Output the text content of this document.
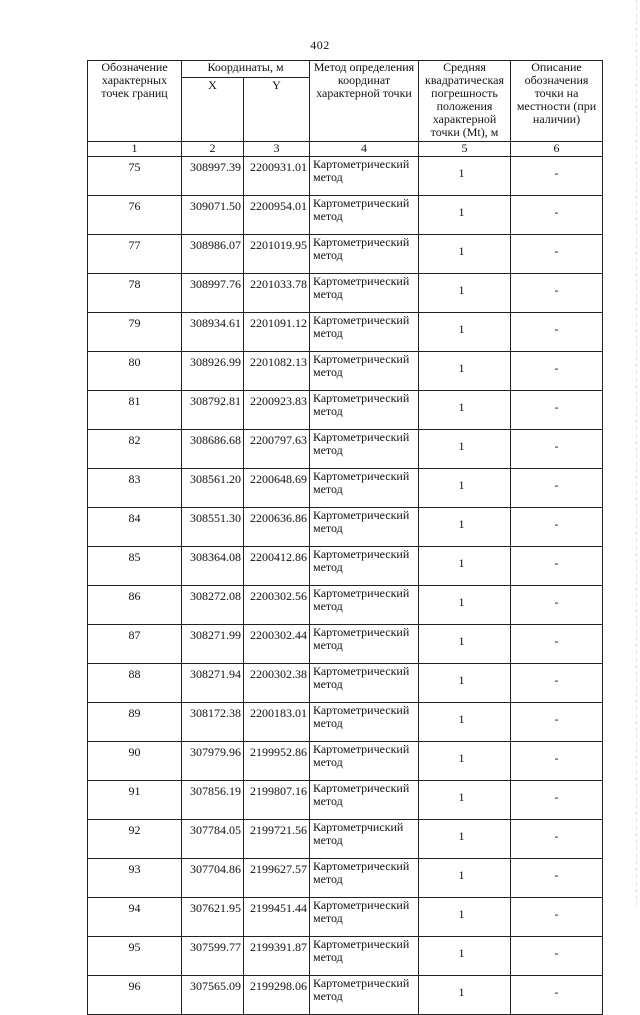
402
Обозначение характерных точек границ	Координаты, м		Метод определения координат характерной точки	Средняя квадратическая погрешность положения характерной точки (Mt), м	Описание обозначения точки на местности (при наличии)
	X	Y			
1	2	3	4	5	6
75	308997.39	2200931.01	Картометрический метод	1	-
76	309071.50	2200954.01	Картометрический метод	1	-
77	308986.07	2201019.95	Картометрический метод	1	-
78	308997.76	2201033.78	Картометрический метод	1	-
79	308934.61	2201091.12	Картометрический метод	1	-
80	308926.99	2201082.13	Картометрический метод	1	-
81	308792.81	2200923.83	Картометрический метод	1	-
82	308686.68	2200797.63	Картометрический метод	1	-
83	308561.20	2200648.69	Картометрический метод	1	-
84	308551.30	2200636.86	Картометрический метод	1	-
85	308364.08	2200412.86	Картометрический метод	1	-
86	308272.08	2200302.56	Картометрический метод	1	-
87	308271.99	2200302.44	Картометрический метод	1	-
88	308271.94	2200302.38	Картометрический метод	1	-
89	308172.38	2200183.01	Картометрический метод	1	-
90	307979.96	2199952.86	Картометрический метод	1	-
91	307856.19	2199807.16	Картометрический метод	1	-
92	307784.05	2199721.56	Картометрчиский метод	1	-
93	307704.86	2199627.57	Картометрический метод	1	-
94	307621.95	2199451.44	Картометрический метод	1	-
95	307599.77	2199391.87	Картометрический метод	1	-
96	307565.09	2199298.06	Картометрический метод	1	-
